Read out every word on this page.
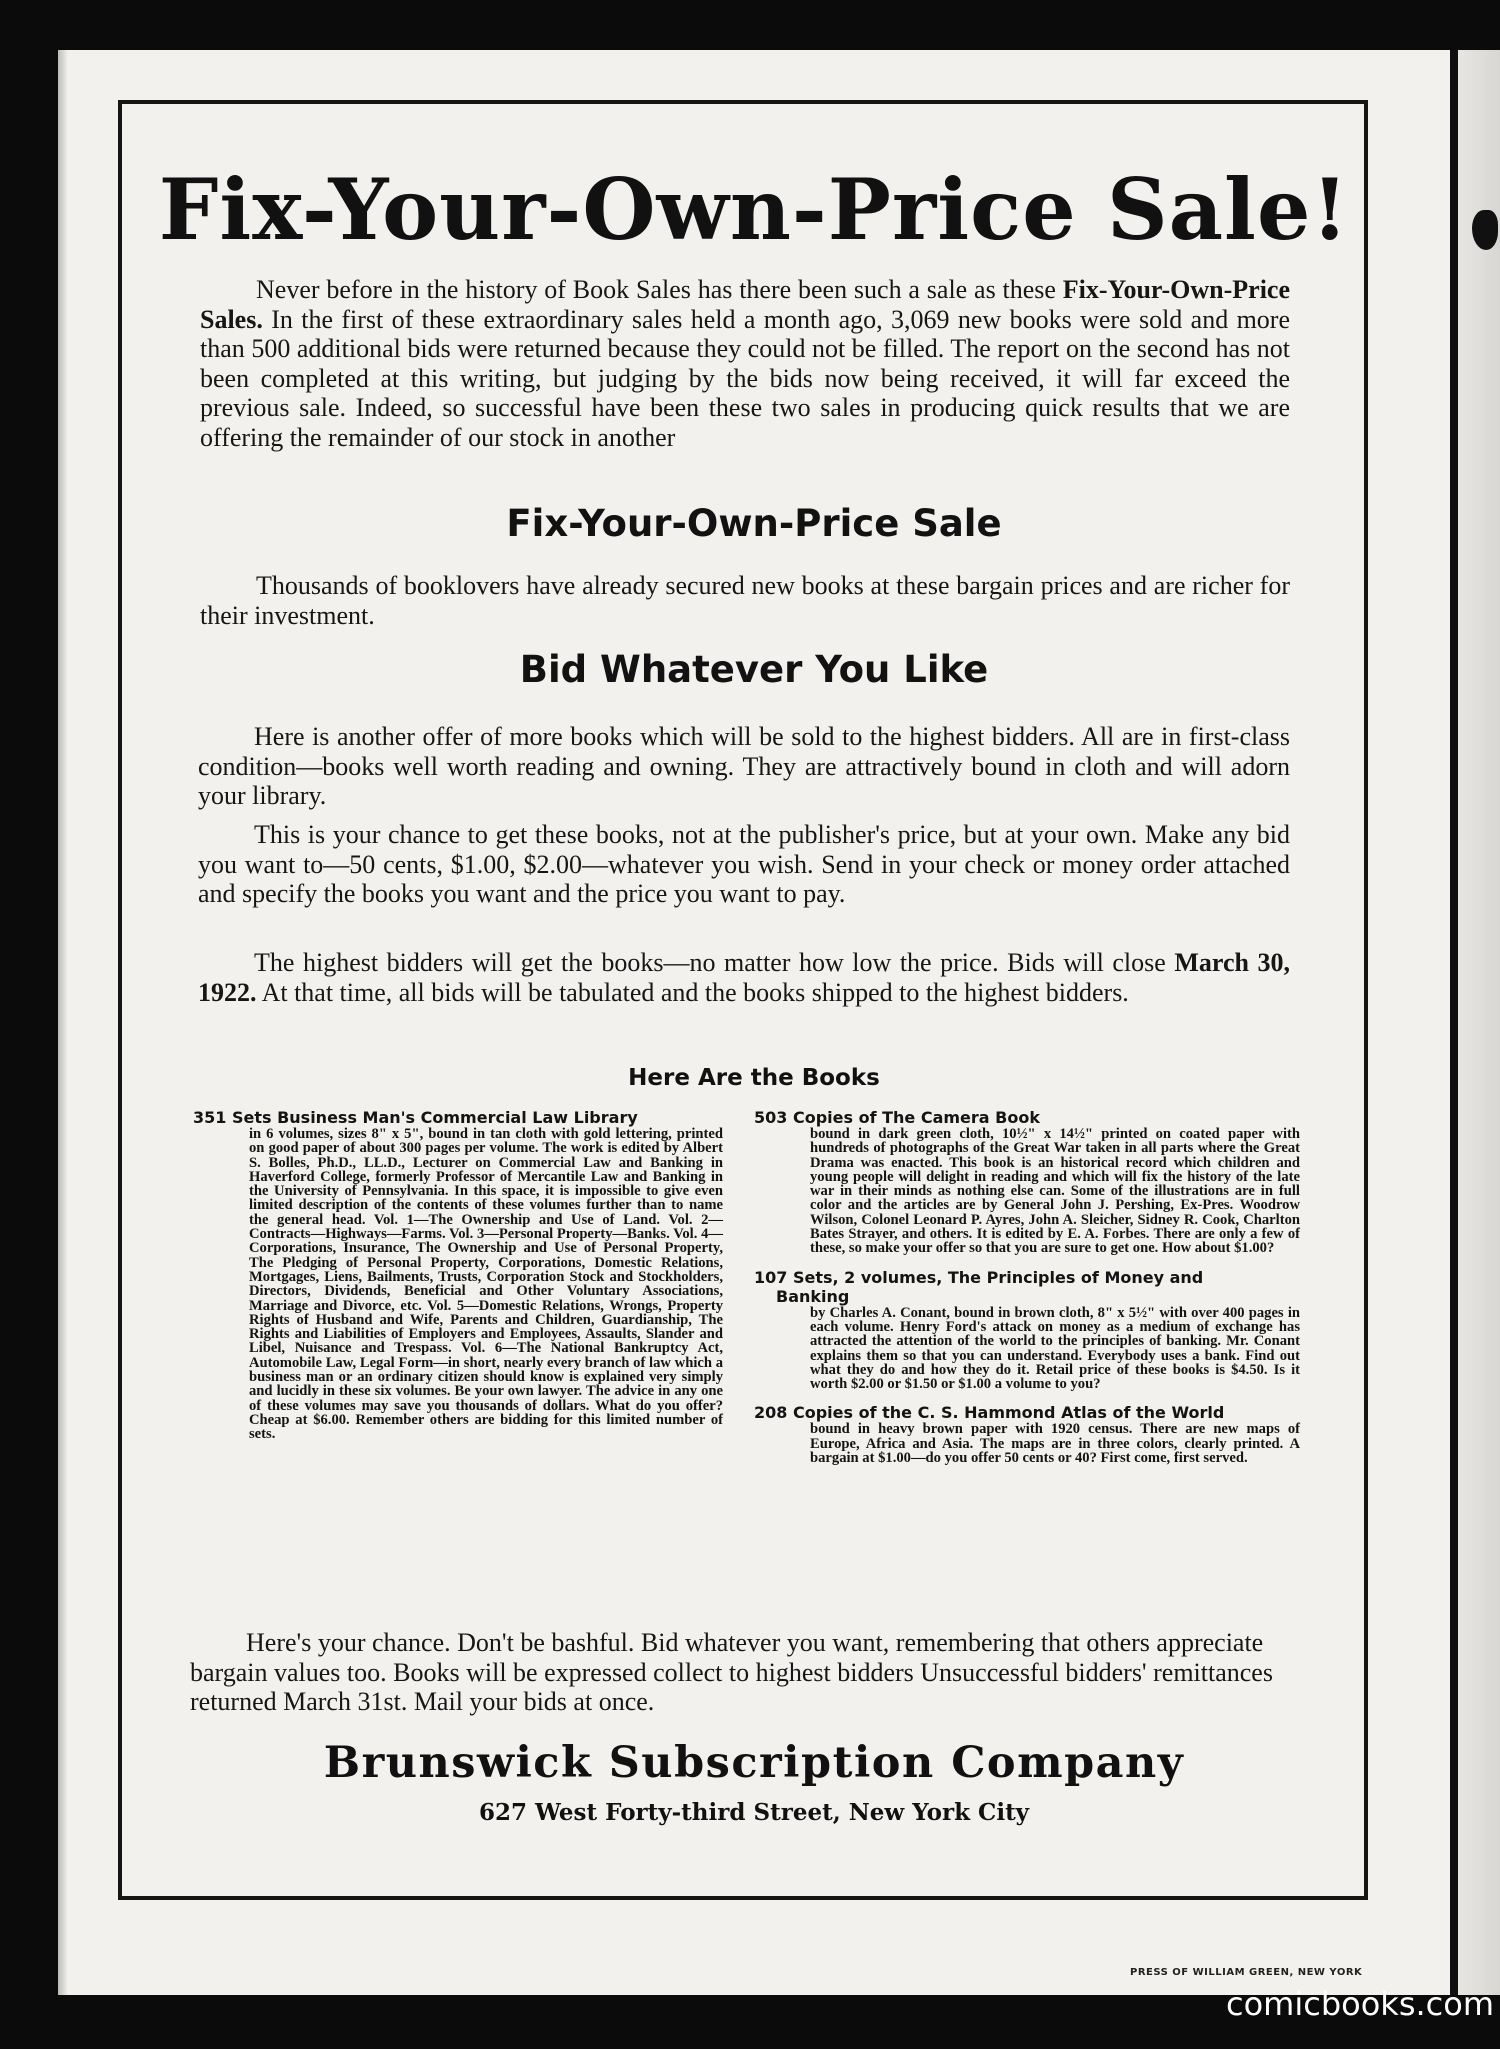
Fix-Your-Own-Price Sale!
Never before in the history of Book Sales has there been such a sale as these Fix-Your-Own-Price Sales. In the first of these extraordinary sales held a month ago, 3,069 new books were sold and more than 500 additional bids were returned because they could not be filled. The report on the second has not been completed at this writing, but judging by the bids now being received, it will far exceed the previous sale. Indeed, so successful have been these two sales in producing quick results that we are offering the remainder of our stock in another
Fix-Your-Own-Price Sale
Thousands of booklovers have already secured new books at these bargain prices and are richer for their investment.
Bid Whatever You Like
Here is another offer of more books which will be sold to the highest bidders. All are in first-class condition—books well worth reading and owning. They are attractively bound in cloth and will adorn your library.
This is your chance to get these books, not at the publisher's price, but at your own. Make any bid you want to—50 cents, $1.00, $2.00—whatever you wish. Send in your check or money order attached and specify the books you want and the price you want to pay.
The highest bidders will get the books—no matter how low the price. Bids will close March 30, 1922. At that time, all bids will be tabulated and the books shipped to the highest bidders.
Here Are the Books
351 Sets Business Man's Commercial Law Library
in 6 volumes, sizes 8" x 5", bound in tan cloth with gold lettering, printed on good paper of about 300 pages per volume. The work is edited by Albert S. Bolles, Ph.D., LL.D., Lecturer on Commercial Law and Banking in Haverford College, formerly Professor of Mercantile Law and Banking in the University of Pennsylvania. In this space, it is impossible to give even limited description of the contents of these volumes further than to name the general head. Vol. 1—The Ownership and Use of Land. Vol. 2—Contracts—Highways—Farms. Vol. 3—Personal Property—Banks. Vol. 4—Corporations, Insurance, The Ownership and Use of Personal Property, The Pledging of Personal Property, Corporations, Domestic Relations, Mortgages, Liens, Bailments, Trusts, Corporation Stock and Stockholders, Directors, Dividends, Beneficial and Other Voluntary Associations, Marriage and Divorce, etc. Vol. 5—Domestic Relations, Wrongs, Property Rights of Husband and Wife, Parents and Children, Guardianship, The Rights and Liabilities of Employers and Employees, Assaults, Slander and Libel, Nuisance and Trespass. Vol. 6—The National Bankruptcy Act, Automobile Law, Legal Form—in short, nearly every branch of law which a business man or an ordinary citizen should know is explained very simply and lucidly in these six volumes. Be your own lawyer. The advice in any one of these volumes may save you thousands of dollars. What do you offer? Cheap at $6.00. Remember others are bidding for this limited number of sets.
503 Copies of The Camera Book
bound in dark green cloth, 10½" x 14½" printed on coated paper with hundreds of photographs of the Great War taken in all parts where the Great Drama was enacted. This book is an historical record which children and young people will delight in reading and which will fix the history of the late war in their minds as nothing else can. Some of the illustrations are in full color and the articles are by General John J. Pershing, Ex-Pres. Woodrow Wilson, Colonel Leonard P. Ayres, John A. Sleicher, Sidney R. Cook, Charlton Bates Strayer, and others. It is edited by E. A. Forbes. There are only a few of these, so make your offer so that you are sure to get one. How about $1.00?
107 Sets, 2 volumes, The Principles of Money and
Banking
by Charles A. Conant, bound in brown cloth, 8" x 5½" with over 400 pages in each volume. Henry Ford's attack on money as a medium of exchange has attracted the attention of the world to the principles of banking. Mr. Conant explains them so that you can understand. Everybody uses a bank. Find out what they do and how they do it. Retail price of these books is $4.50. Is it worth $2.00 or $1.50 or $1.00 a volume to you?
208 Copies of the C. S. Hammond Atlas of the World
bound in heavy brown paper with 1920 census. There are new maps of Europe, Africa and Asia. The maps are in three colors, clearly printed. A bargain at $1.00—do you offer 50 cents or 40? First come, first served.
Here's your chance. Don't be bashful. Bid whatever you want, remembering that others appreciate bargain values too. Books will be expressed collect to highest bidders Unsuccessful bidders' remittances returned March 31st. Mail your bids at once.
Brunswick Subscription Company
627 West Forty-third Street, New York City
PRESS OF WILLIAM GREEN, NEW YORK
comicbooks.com
